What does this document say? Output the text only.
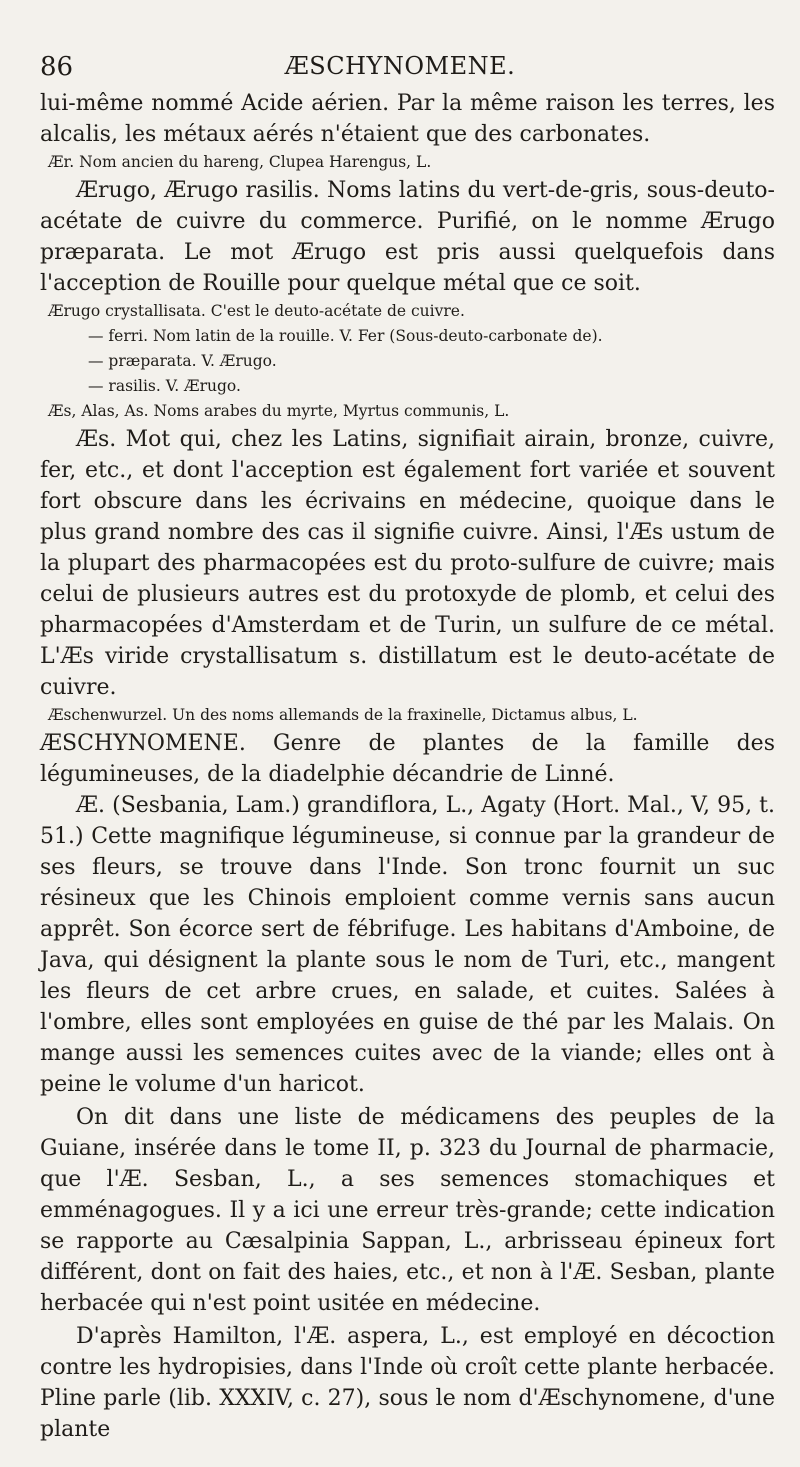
86	ÆSCHYNOMENE.

lui-même nommé Acide aérien. Par la même raison les terres, les alcalis, les métaux aérés n'étaient que des carbonates.

Ær. Nom ancien du hareng, Clupea Harengus, L.

Ærugo, Ærugo rasilis. Noms latins du vert-de-gris, sous-deuto-acétate de cuivre du commerce. Purifié, on le nomme Ærugo præparata. Le mot Ærugo est pris aussi quelquefois dans l'acception de Rouille pour quelque métal que ce soit.

Ærugo crystallisata. C'est le deuto-acétate de cuivre.

— ferri. Nom latin de la rouille. V. Fer (Sous-deuto-carbonate de).

— præparata. V. Ærugo.

— rasilis. V. Ærugo.

Æs, Alas, As. Noms arabes du myrte, Myrtus communis, L.

Æs. Mot qui, chez les Latins, signifiait airain, bronze, cuivre, fer, etc., et dont l'acception est également fort variée et souvent fort obscure dans les écrivains en médecine, quoique dans le plus grand nombre des cas il signifie cuivre. Ainsi, l'Æs ustum de la plupart des pharmacopées est du proto-sulfure de cuivre; mais celui de plusieurs autres est du protoxyde de plomb, et celui des pharmacopées d'Amsterdam et de Turin, un sulfure de ce métal. L'Æs viride crystallisatum s. distillatum est le deuto-acétate de cuivre.

Æschenwurzel. Un des noms allemands de la fraxinelle, Dictamus albus, L.

ÆSCHYNOMENE. Genre de plantes de la famille des légumineuses, de la diadelphie décandrie de Linné.

Æ. (Sesbania, Lam.) grandiflora, L., Agaty (Hort. Mal., V, 95, t. 51.) Cette magnifique légumineuse, si connue par la grandeur de ses fleurs, se trouve dans l'Inde. Son tronc fournit un suc résineux que les Chinois emploient comme vernis sans aucun apprêt. Son écorce sert de fébrifuge. Les habitans d'Amboine, de Java, qui désignent la plante sous le nom de Turi, etc., mangent les fleurs de cet arbre crues, en salade, et cuites. Salées à l'ombre, elles sont employées en guise de thé par les Malais. On mange aussi les semences cuites avec de la viande; elles ont à peine le volume d'un haricot.

On dit dans une liste de médicamens des peuples de la Guiane, insérée dans le tome II, p. 323 du Journal de pharmacie, que l'Æ. Sesban, L., a ses semences stomachiques et emménagogues. Il y a ici une erreur très-grande; cette indication se rapporte au Cæsalpinia Sappan, L., arbrisseau épineux fort différent, dont on fait des haies, etc., et non à l'Æ. Sesban, plante herbacée qui n'est point usitée en médecine.

D'après Hamilton, l'Æ. aspera, L., est employé en décoction contre les hydropisies, dans l'Inde où croît cette plante herbacée. Pline parle (lib. XXXIV, c. 27), sous le nom d'Æschynomene, d'une plante
